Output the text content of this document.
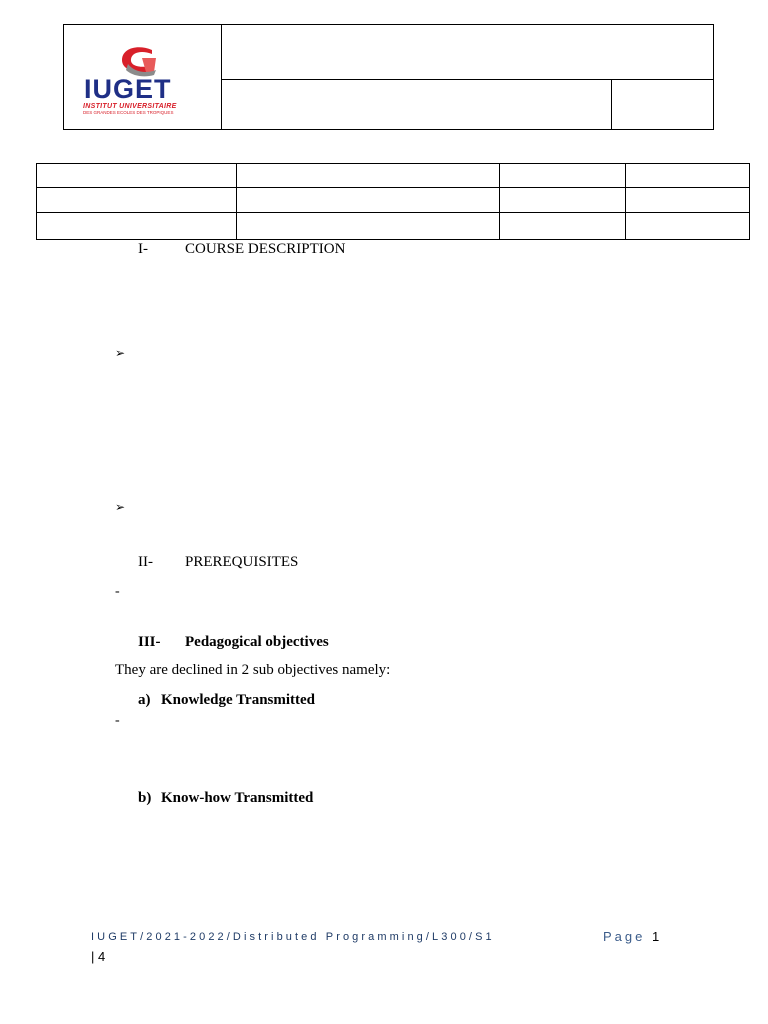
IUGET
INSTITUT UNIVERSITAIRE
DES GRANDES ECOLES DES TROPIQUES
I- COURSE DESCRIPTION
➢
➢
II- PREREQUISITES
-
III- Pedagogical objectives
They are declined in 2 sub objectives namely:
a) Knowledge Transmitted
-
b) Know-how Transmitted
IUGET/2021-2022/Distributed Programming/L300/S1	Page 1
| 4
